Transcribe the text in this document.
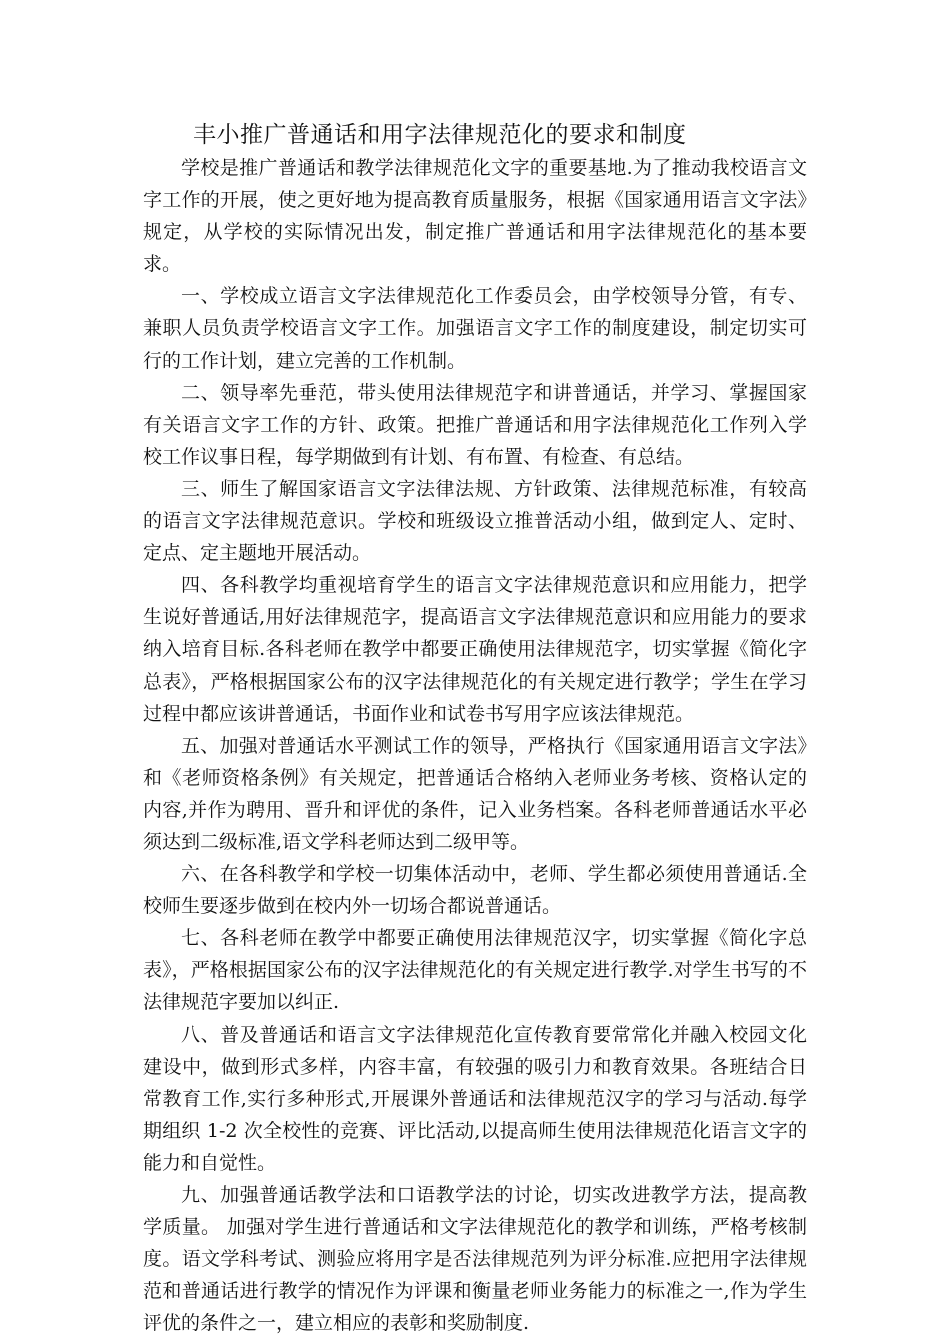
丰小推广普通话和用字法律规范化的要求和制度

学校是推广普通话和教学法律规范化文字的重要基地.为了推动我校语言文字工作的开展，使之更好地为提高教育质量服务，根据《国家通用语言文字法》规定，从学校的实际情况出发，制定推广普通话和用字法律规范化的基本要求。

一、学校成立语言文字法律规范化工作委员会，由学校领导分管，有专、兼职人员负责学校语言文字工作。加强语言文字工作的制度建设，制定切实可行的工作计划，建立完善的工作机制。

二、领导率先垂范，带头使用法律规范字和讲普通话，并学习、掌握国家有关语言文字工作的方针、政策。把推广普通话和用字法律规范化工作列入学校工作议事日程，每学期做到有计划、有布置、有检查、有总结。

三、师生了解国家语言文字法律法规、方针政策、法律规范标准，有较高的语言文字法律规范意识。学校和班级设立推普活动小组，做到定人、定时、定点、定主题地开展活动。

四、各科教学均重视培育学生的语言文字法律规范意识和应用能力，把学生说好普通话,用好法律规范字，提高语言文字法律规范意识和应用能力的要求纳入培育目标.各科老师在教学中都要正确使用法律规范字，切实掌握《简化字总表》，严格根据国家公布的汉字法律规范化的有关规定进行教学；学生在学习过程中都应该讲普通话，书面作业和试卷书写用字应该法律规范。

五、加强对普通话水平测试工作的领导，严格执行《国家通用语言文字法》和《老师资格条例》有关规定，把普通话合格纳入老师业务考核、资格认定的内容,并作为聘用、晋升和评优的条件，记入业务档案。各科老师普通话水平必须达到二级标准,语文学科老师达到二级甲等。

六、在各科教学和学校一切集体活动中，老师、学生都必须使用普通话.全校师生要逐步做到在校内外一切场合都说普通话。

七、各科老师在教学中都要正确使用法律规范汉字，切实掌握《简化字总表》，严格根据国家公布的汉字法律规范化的有关规定进行教学.对学生书写的不法律规范字要加以纠正.

八、普及普通话和语言文字法律规范化宣传教育要常常化并融入校园文化建设中，做到形式多样，内容丰富，有较强的吸引力和教育效果。各班结合日常教育工作,实行多种形式,开展课外普通话和法律规范汉字的学习与活动.每学期组织 1-2 次全校性的竞赛、评比活动,以提高师生使用法律规范化语言文字的能力和自觉性。

九、加强普通话教学法和口语教学法的讨论，切实改进教学方法，提高教学质量。 加强对学生进行普通话和文字法律规范化的教学和训练，严格考核制度。语文学科考试、测验应将用字是否法律规范列为评分标准.应把用字法律规范和普通话进行教学的情况作为评课和衡量老师业务能力的标准之一,作为学生评优的条件之一，建立相应的表彰和奖励制度.
